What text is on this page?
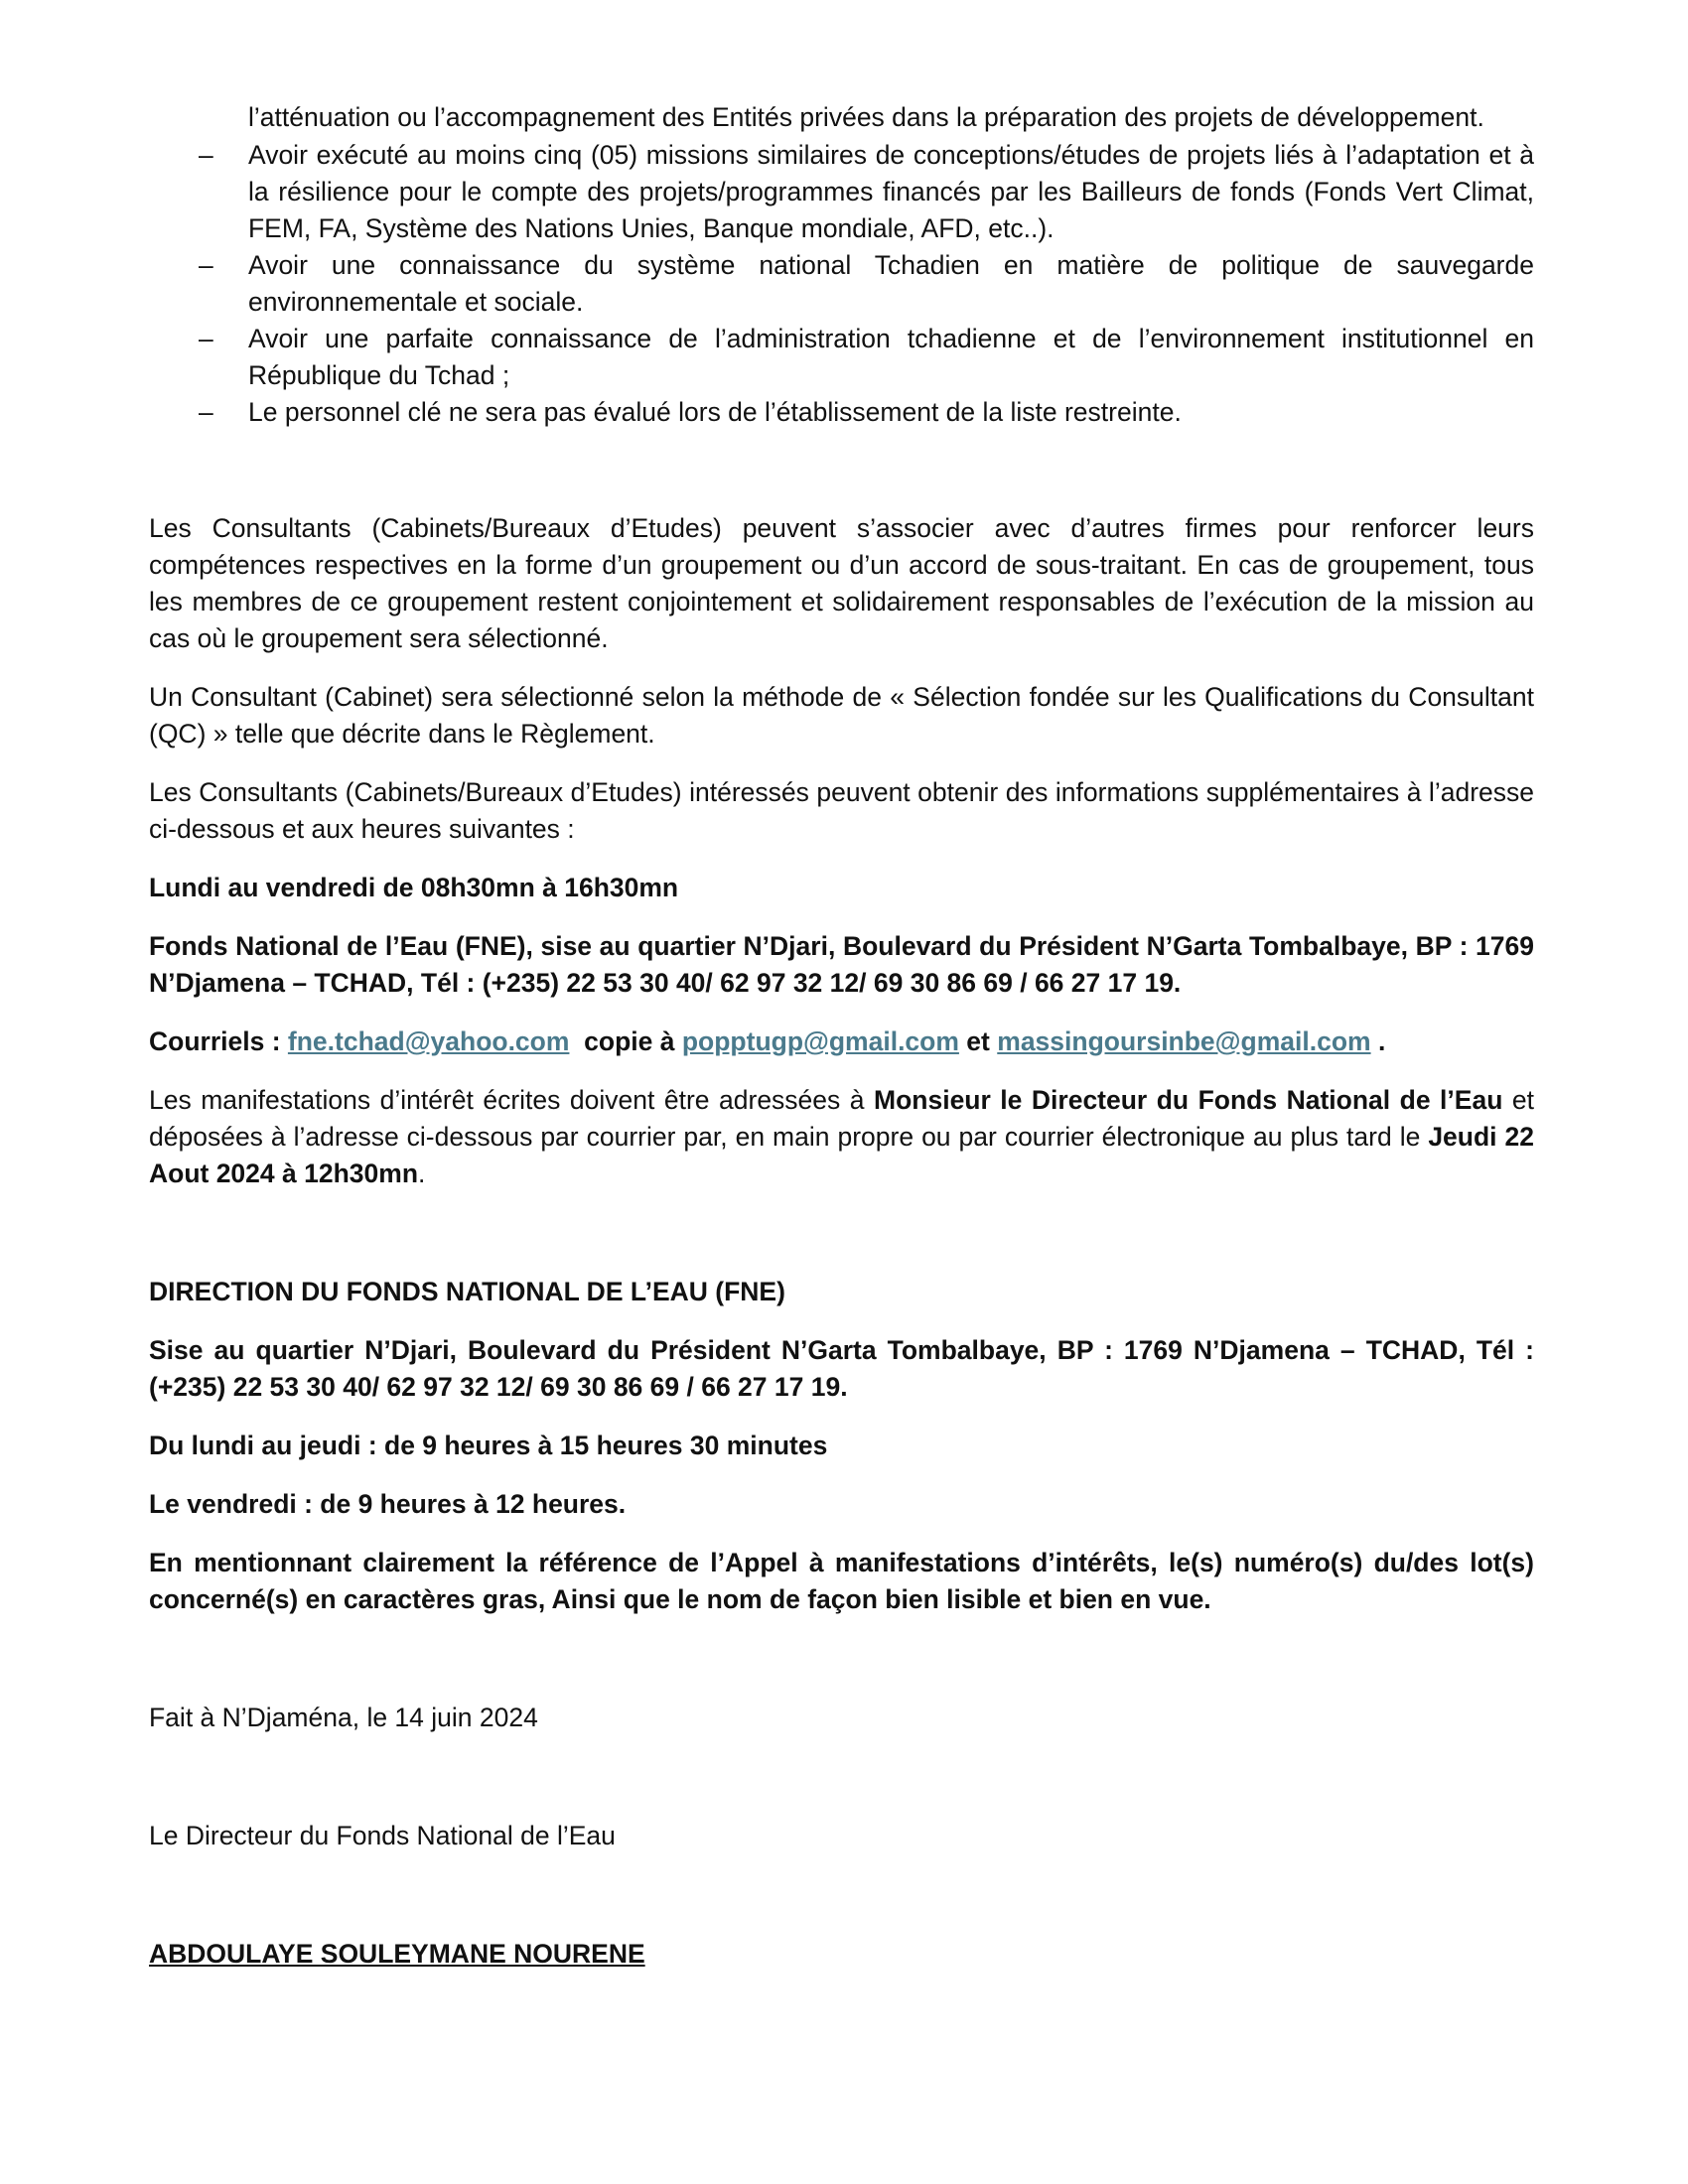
l’atténuation ou l’accompagnement des Entités privées dans la préparation des projets de développement.

– Avoir exécuté au moins cinq (05) missions similaires de conceptions/études de projets liés à l’adaptation et à la résilience pour le compte des projets/programmes financés par les Bailleurs de fonds (Fonds Vert Climat, FEM, FA, Système des Nations Unies, Banque mondiale, AFD, etc..).
– Avoir une connaissance du système national Tchadien en matière de politique de sauvegarde environnementale et sociale.
– Avoir une parfaite connaissance de l’administration tchadienne et de l’environnement institutionnel en République du Tchad ;
– Le personnel clé ne sera pas évalué lors de l’établissement de la liste restreinte.

Les Consultants (Cabinets/Bureaux d’Etudes) peuvent s’associer avec d’autres firmes pour renforcer leurs compétences respectives en la forme d’un groupement ou d’un accord de sous-traitant. En cas de groupement, tous les membres de ce groupement restent conjointement et solidairement responsables de l’exécution de la mission au cas où le groupement sera sélectionné.

Un Consultant (Cabinet) sera sélectionné selon la méthode de « Sélection fondée sur les Qualifications du Consultant (QC) » telle que décrite dans le Règlement.

Les Consultants (Cabinets/Bureaux d’Etudes) intéressés peuvent obtenir des informations supplémentaires à l’adresse ci-dessous et aux heures suivantes :

Lundi au vendredi de 08h30mn à 16h30mn

Fonds National de l’Eau (FNE), sise au quartier N’Djari, Boulevard du Président N’Garta Tombalbaye, BP : 1769 N’Djamena – TCHAD, Tél : (+235) 22 53 30 40/ 62 97 32 12/ 69 30 86 69 / 66 27 17 19.

Courriels : fne.tchad@yahoo.com copie à popptugp@gmail.com et massingoursinbe@gmail.com .

Les manifestations d’intérêt écrites doivent être adressées à Monsieur le Directeur du Fonds National de l’Eau et déposées à l’adresse ci-dessous par courrier par, en main propre ou par courrier électronique au plus tard le Jeudi 22 Aout 2024 à 12h30mn.

DIRECTION DU FONDS NATIONAL DE L’EAU (FNE)

Sise au quartier N’Djari, Boulevard du Président N’Garta Tombalbaye, BP : 1769 N’Djamena – TCHAD, Tél : (+235) 22 53 30 40/ 62 97 32 12/ 69 30 86 69 / 66 27 17 19.

Du lundi au jeudi : de 9 heures à 15 heures 30 minutes

Le vendredi : de 9 heures à 12 heures.

En mentionnant clairement la référence de l’Appel à manifestations d’intérêts, le(s) numéro(s) du/des lot(s) concerné(s) en caractères gras, Ainsi que le nom de façon bien lisible et bien en vue.

Fait à N’Djaména, le 14 juin 2024

Le Directeur du Fonds National de l’Eau

ABDOULAYE SOULEYMANE NOURENE
